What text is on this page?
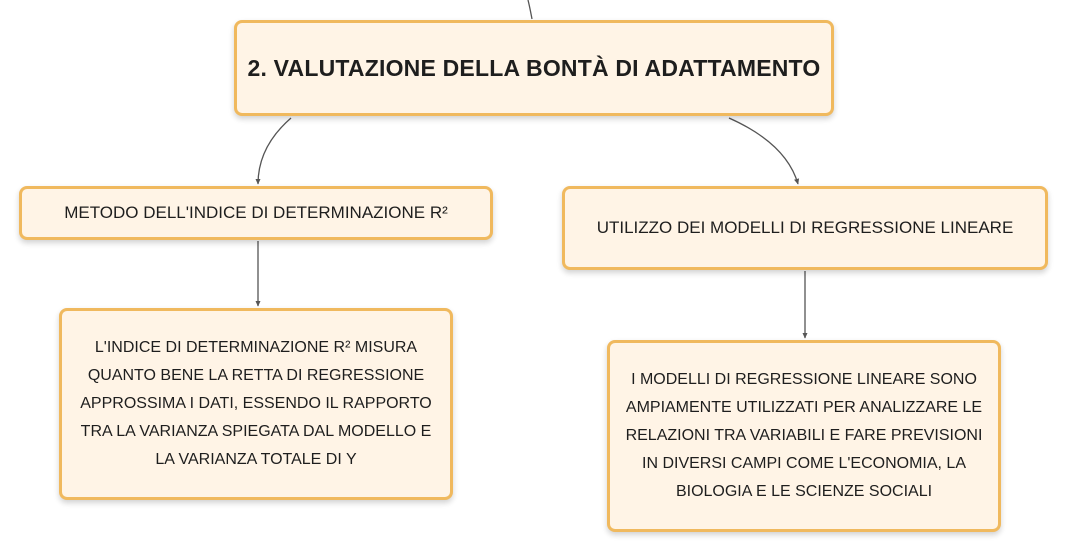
2. VALUTAZIONE DELLA BONTÀ DI ADATTAMENTO
METODO DELL'INDICE DI DETERMINAZIONE R²
UTILIZZO DEI MODELLI DI REGRESSIONE LINEARE
L'INDICE DI DETERMINAZIONE R² MISURA QUANTO BENE LA RETTA DI REGRESSIONE APPROSSIMA I DATI, ESSENDO IL RAPPORTO TRA LA VARIANZA SPIEGATA DAL MODELLO E LA VARIANZA TOTALE DI Y
I MODELLI DI REGRESSIONE LINEARE SONO AMPIAMENTE UTILIZZATI PER ANALIZZARE LE RELAZIONI TRA VARIABILI E FARE PREVISIONI IN DIVERSI CAMPI COME L'ECONOMIA, LA BIOLOGIA E LE SCIENZE SOCIALI
